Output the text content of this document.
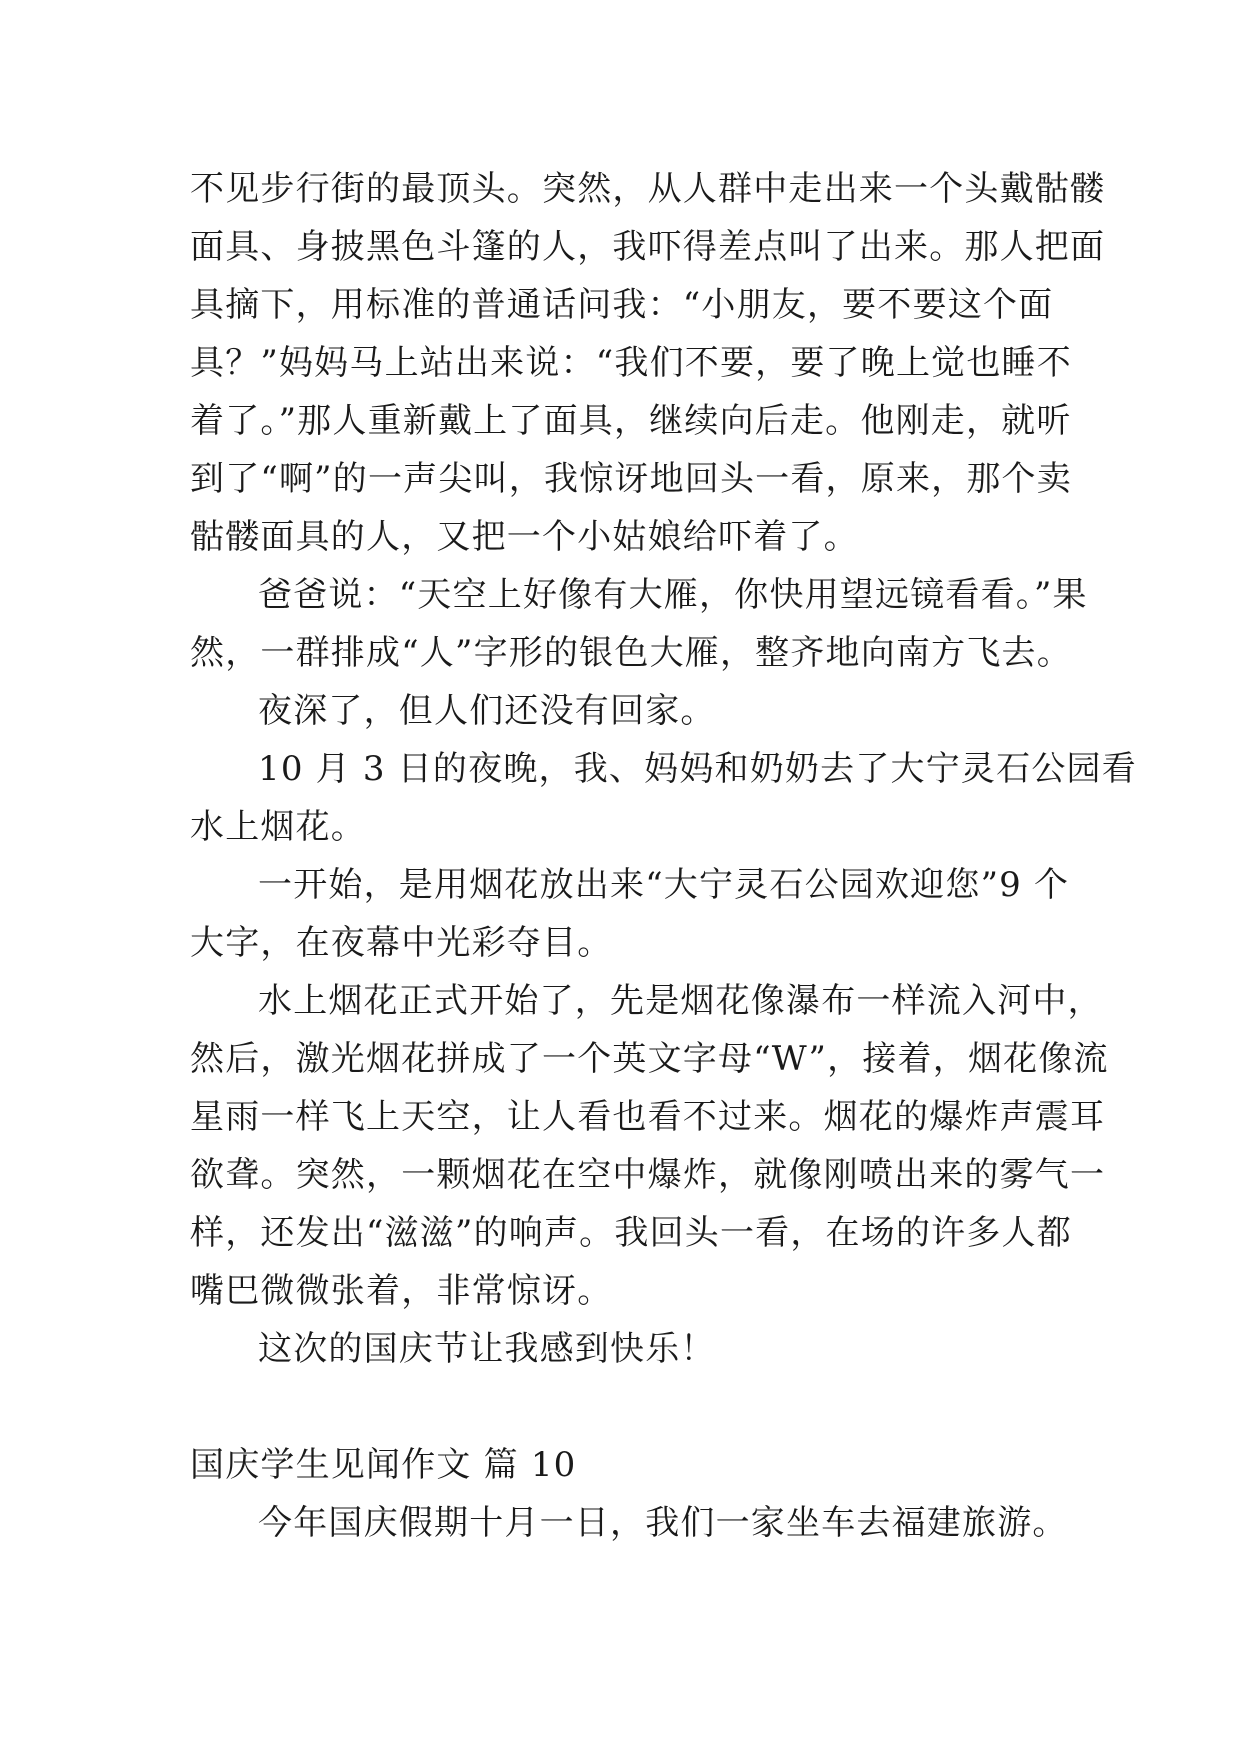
不见步行街的最顶头。突然，从人群中走出来一个头戴骷髅
面具、身披黑色斗篷的人，我吓得差点叫了出来。那人把面
具摘下，用标准的普通话问我：“小朋友，要不要这个面
具？”妈妈马上站出来说：“我们不要，要了晚上觉也睡不
着了。”那人重新戴上了面具，继续向后走。他刚走，就听
到了“啊”的一声尖叫，我惊讶地回头一看，原来，那个卖
骷髅面具的人，又把一个小姑娘给吓着了。

爸爸说：“天空上好像有大雁，你快用望远镜看看。”果
然，一群排成“人”字形的银色大雁，整齐地向南方飞去。

夜深了，但人们还没有回家。

10 月 3 日的夜晚，我、妈妈和奶奶去了大宁灵石公园看
水上烟花。

一开始，是用烟花放出来“大宁灵石公园欢迎您”9 个
大字，在夜幕中光彩夺目。

水上烟花正式开始了，先是烟花像瀑布一样流入河中，
然后，激光烟花拼成了一个英文字母“W”，接着，烟花像流
星雨一样飞上天空，让人看也看不过来。烟花的爆炸声震耳
欲聋。突然，一颗烟花在空中爆炸，就像刚喷出来的雾气一
样，还发出“滋滋”的响声。我回头一看，在场的许多人都
嘴巴微微张着，非常惊讶。

这次的国庆节让我感到快乐！

国庆学生见闻作文 篇 10

今年国庆假期十月一日，我们一家坐车去福建旅游。
